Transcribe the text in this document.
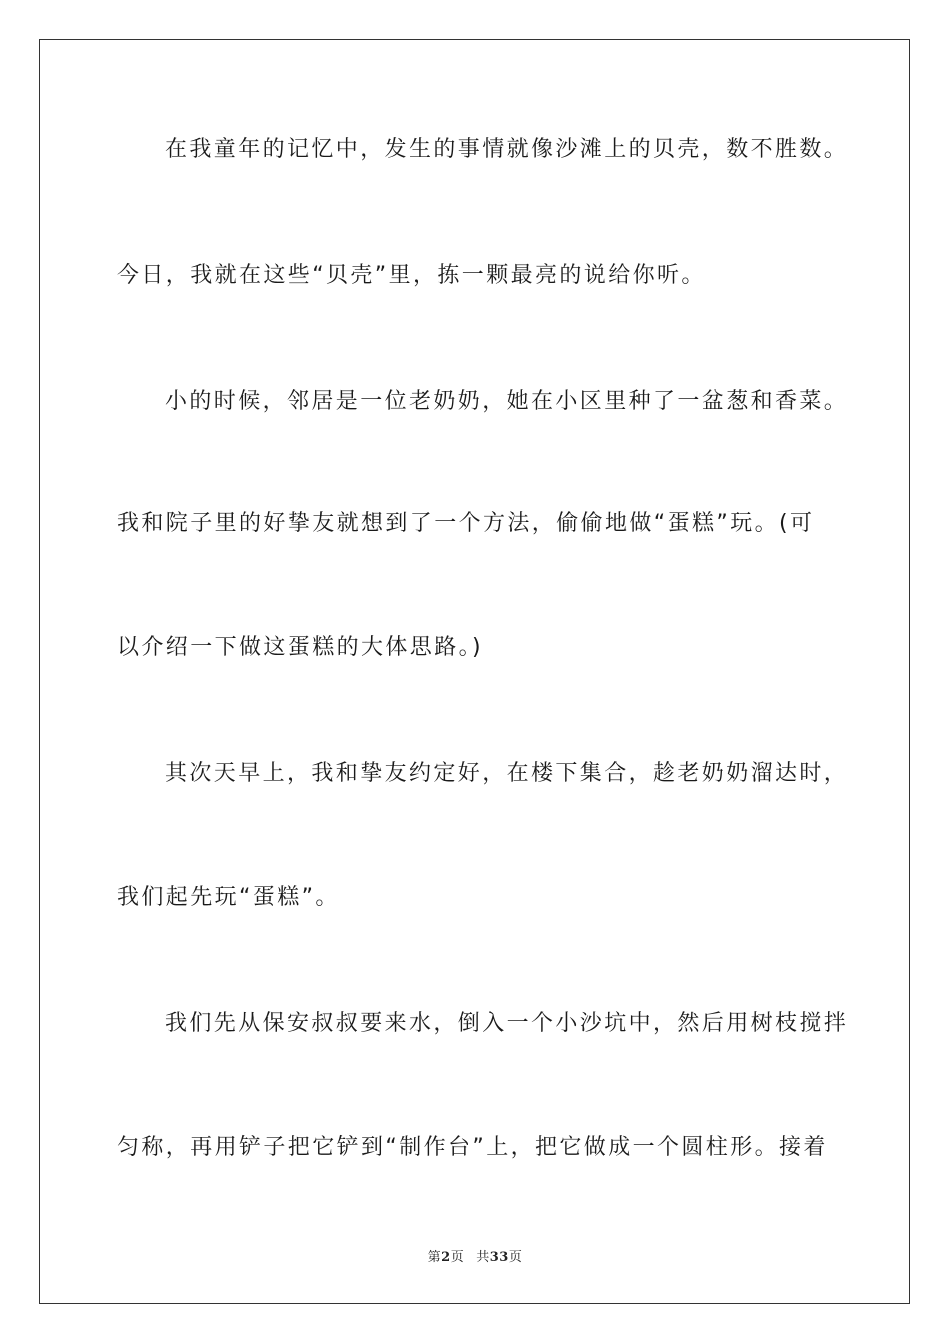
在我童年的记忆中，发生的事情就像沙滩上的贝壳，数不胜数。
今日，我就在这些“贝壳”里，拣一颗最亮的说给你听。
小的时候，邻居是一位老奶奶，她在小区里种了一盆葱和香菜。
我和院子里的好挚友就想到了一个方法，偷偷地做“蛋糕”玩。(可
以介绍一下做这蛋糕的大体思路。)
其次天早上，我和挚友约定好，在楼下集合，趁老奶奶溜达时，
我们起先玩“蛋糕”。
我们先从保安叔叔要来水，倒入一个小沙坑中，然后用树枝搅拌
匀称，再用铲子把它铲到“制作台”上，把它做成一个圆柱形。接着
第2页 共33页
